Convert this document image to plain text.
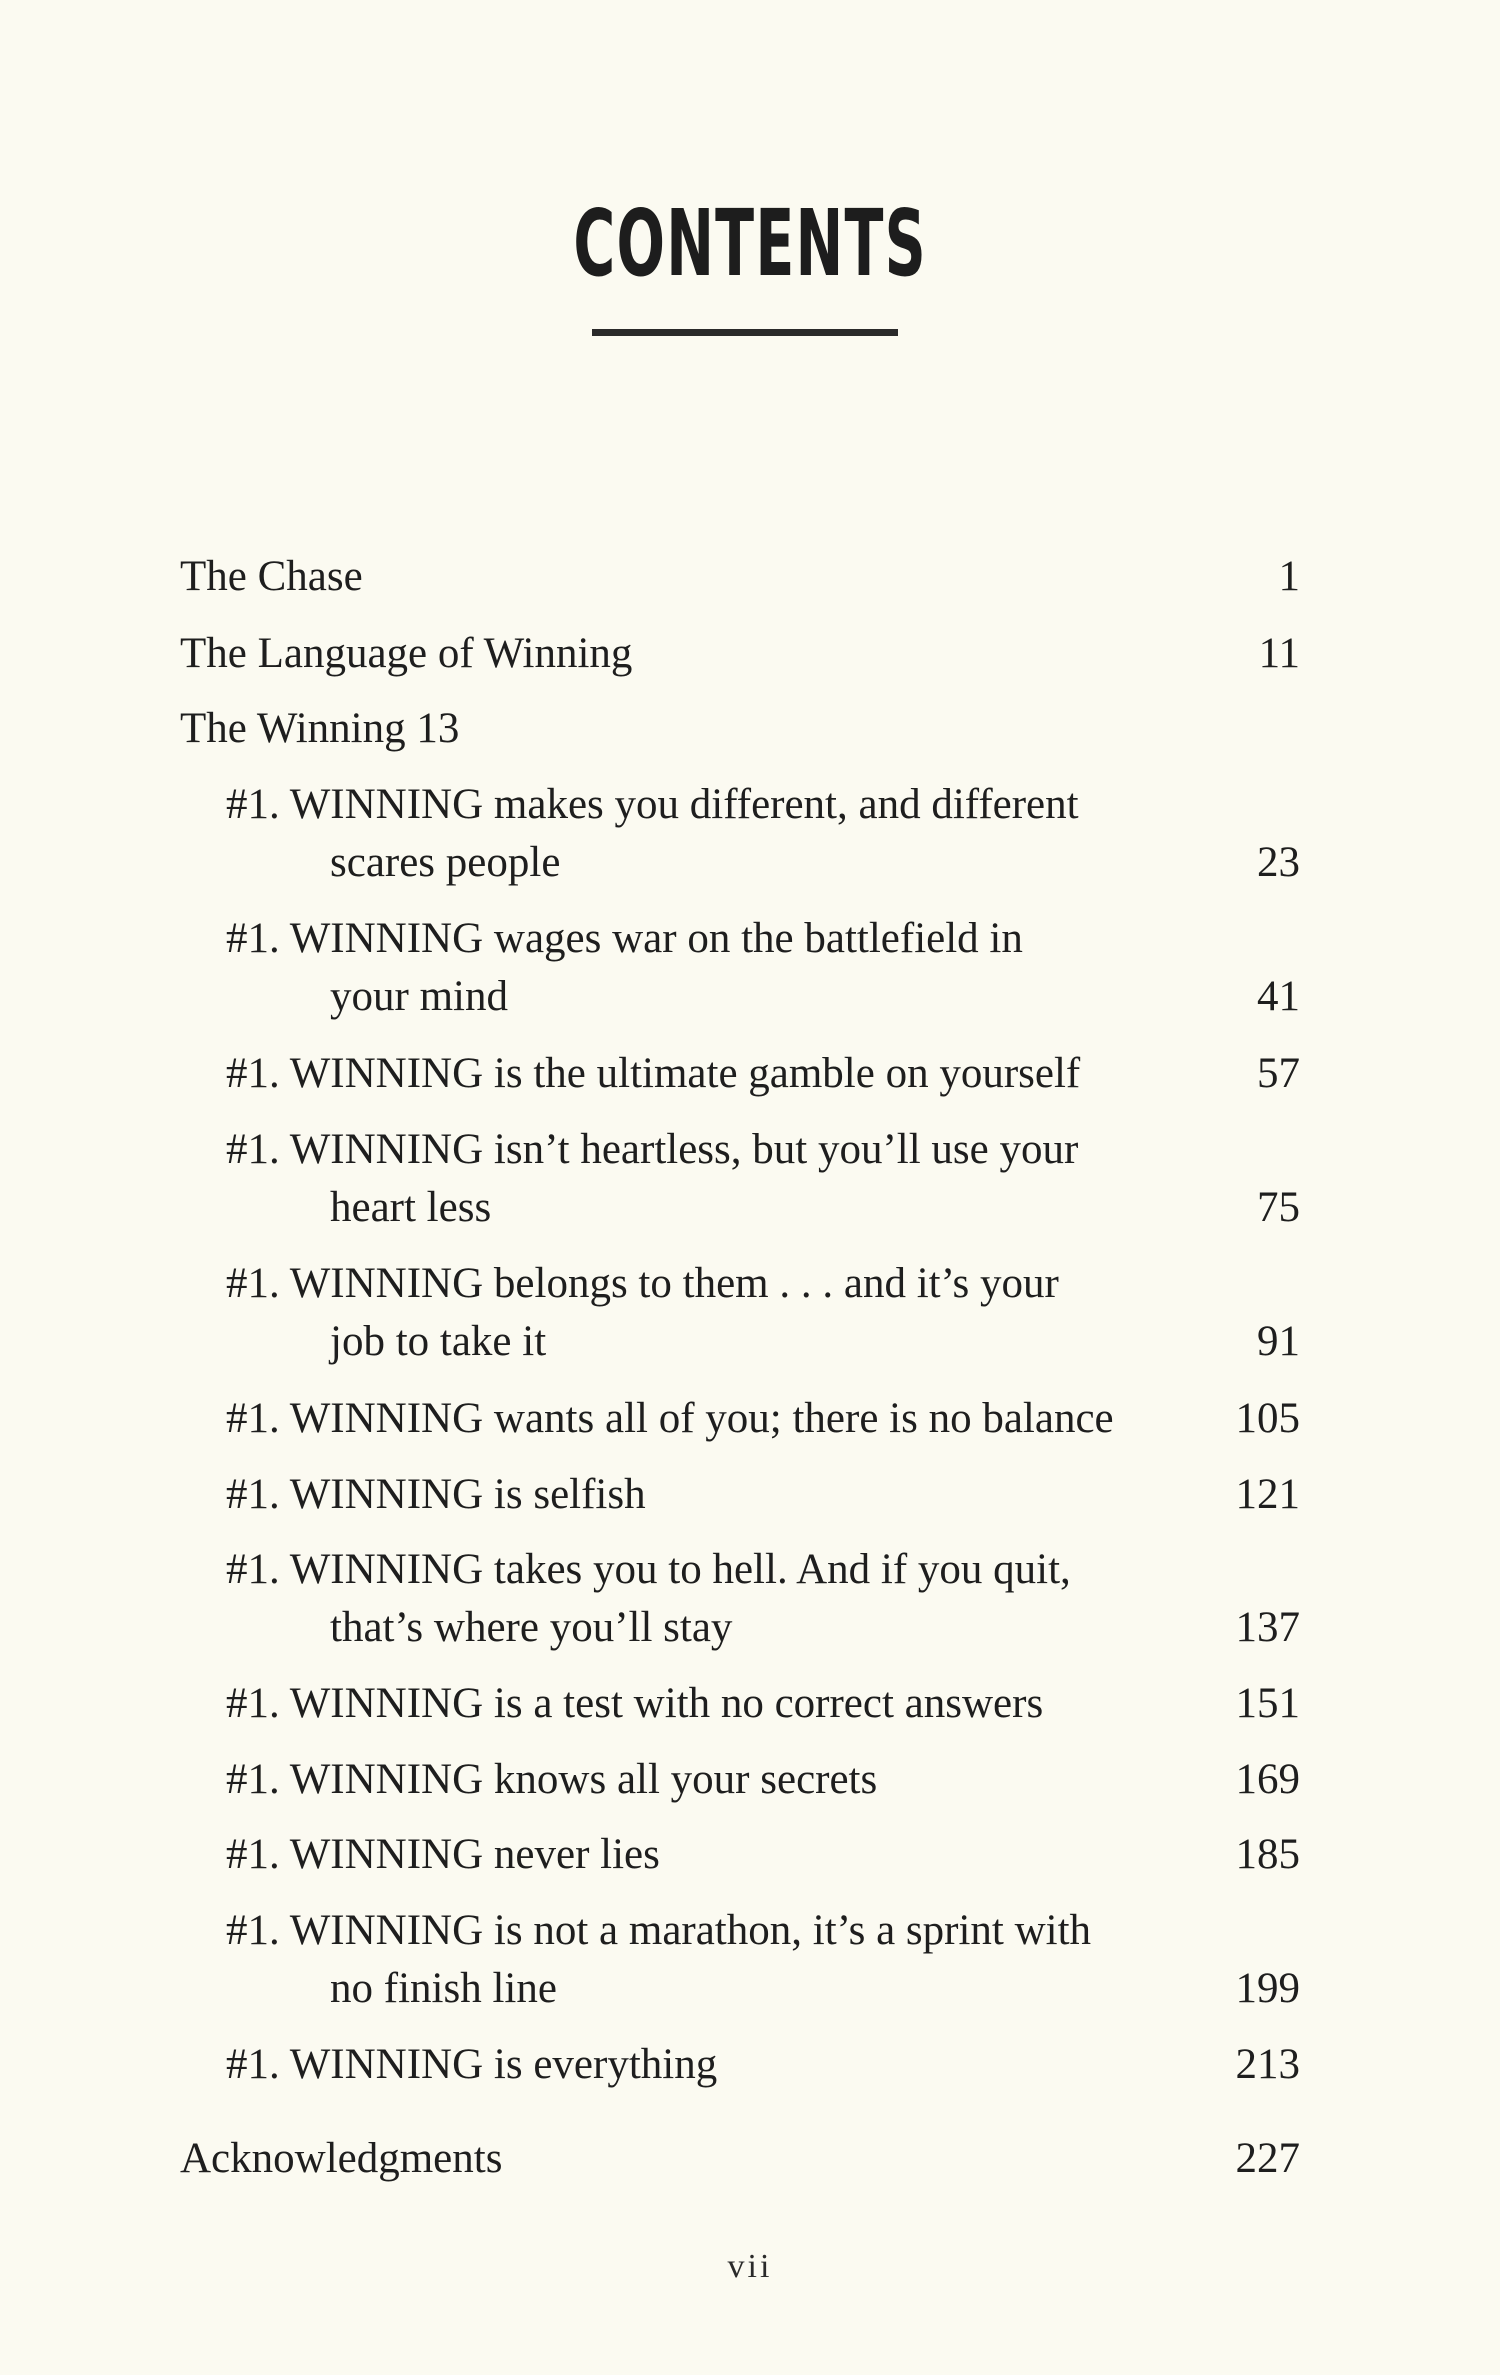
CONTENTS
The Chase	1
The Language of Winning	11
The Winning 13
#1. WINNING makes you different, and different
scares people	23
#1. WINNING wages war on the battlefield in
your mind	41
#1. WINNING is the ultimate gamble on yourself	57
#1. WINNING isn’t heartless, but you’ll use your
heart less	75
#1. WINNING belongs to them . . . and it’s your
job to take it	91
#1. WINNING wants all of you; there is no balance	105
#1. WINNING is selfish	121
#1. WINNING takes you to hell. And if you quit,
that’s where you’ll stay	137
#1. WINNING is a test with no correct answers	151
#1. WINNING knows all your secrets	169
#1. WINNING never lies	185
#1. WINNING is not a marathon, it’s a sprint with
no finish line	199
#1. WINNING is everything	213
Acknowledgments	227
vii
